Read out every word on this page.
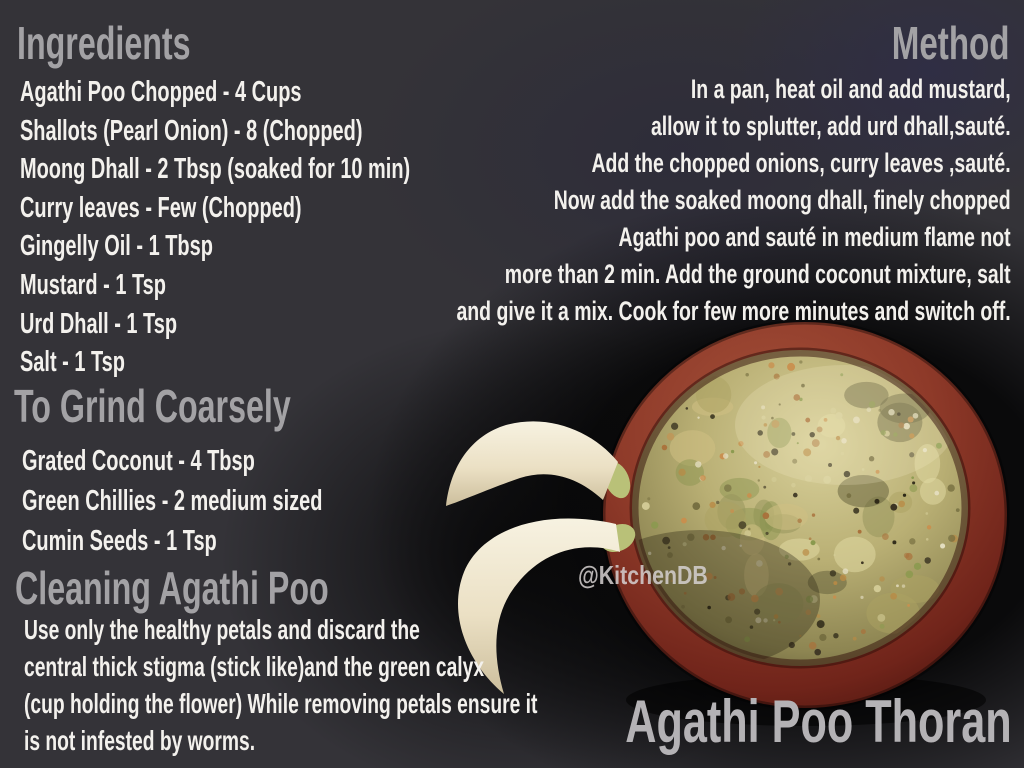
Ingredients
Agathi Poo Chopped - 4 Cups
Shallots (Pearl Onion) - 8 (Chopped)
Moong Dhall - 2 Tbsp (soaked for 10 min)
Curry leaves - Few (Chopped)
Gingelly Oil - 1 Tbsp
Mustard - 1 Tsp
Urd Dhall - 1 Tsp
Salt - 1 Tsp
To Grind Coarsely
Grated Coconut - 4 Tbsp
Green Chillies - 2 medium sized
Cumin Seeds - 1 Tsp
Cleaning Agathi Poo
Use only the healthy petals and discard the
central thick stigma (stick like)and the green calyx
(cup holding the flower) While removing petals ensure it
is not infested by worms.
Method
In a pan, heat oil and add mustard,
allow it to splutter, add urd dhall,sauté.
Add the chopped onions, curry leaves ,sauté.
Now add the soaked moong dhall, finely chopped
Agathi poo and sauté in medium flame not
more than 2 min. Add the ground coconut mixture, salt
and give it a mix. Cook for few more minutes and switch off.
@KitchenDB
Agathi Poo Thoran
